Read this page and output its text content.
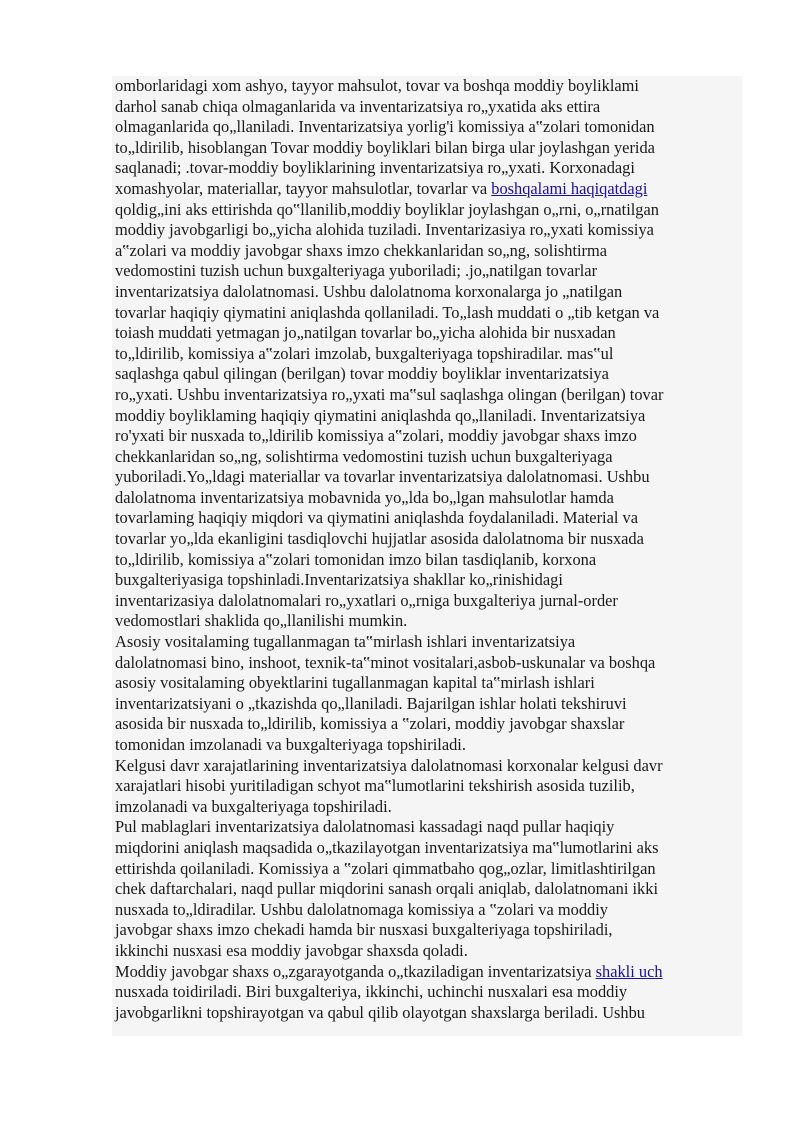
omborlaridagi xom ashyo, tayyor mahsulot, tovar va boshqa moddiy boyliklami
darhol sanab chiqa olmaganlarida va inventarizatsiya ro„yxatida aks ettira
olmaganlarida qo„llaniladi. Inventarizatsiya yorlig'i komissiya a‟zolari tomonidan
to„ldirilib, hisoblangan Tovar moddiy boyliklari bilan birga ular joylashgan yerida
saqlanadi; .tovar-moddiy boyliklarining inventarizatsiya ro„yxati. Korxonadagi
xomashyolar, materiallar, tayyor mahsulotlar, tovarlar va boshqalami haqiqatdagi
qoldig„ini aks ettirishda qo‟llanilib,moddiy boyliklar joylashgan o„rni, o„rnatilgan
moddiy javobgarligi bo„yicha alohida tuziladi. Inventarizasiya ro„yxati komissiya
a‟zolari va moddiy javobgar shaxs imzo chekkanlaridan so„ng, solishtirma
vedomostini tuzish uchun buxgalteriyaga yuboriladi; .jo„natilgan tovarlar
inventarizatsiya dalolatnomasi. Ushbu dalolatnoma korxonalarga jo „natilgan
tovarlar haqiqiy qiymatini aniqlashda qollaniladi. To„lash muddati o „tib ketgan va
toiash muddati yetmagan jo„natilgan tovarlar bo„yicha alohida bir nusxadan
to„ldirilib, komissiya a‟zolari imzolab, buxgalteriyaga topshiradilar. mas‟ul
saqlashga qabul qilingan (berilgan) tovar moddiy boyliklar inventarizatsiya
ro„yxati. Ushbu inventarizatsiya ro„yxati ma‟sul saqlashga olingan (berilgan) tovar
moddiy boyliklaming haqiqiy qiymatini aniqlashda qo„llaniladi. Inventarizatsiya
ro'yxati bir nusxada to„ldirilib komissiya a‟zolari, moddiy javobgar shaxs imzo
chekkanlaridan so„ng, solishtirma vedomostini tuzish uchun buxgalteriyaga
yuboriladi.Yo„ldagi materiallar va tovarlar inventarizatsiya dalolatnomasi. Ushbu
dalolatnoma inventarizatsiya mobavnida yo„lda bo„lgan mahsulotlar hamda
tovarlaming haqiqiy miqdori va qiymatini aniqlashda foydalaniladi. Material va
tovarlar yo„lda ekanligini tasdiqlovchi hujjatlar asosida dalolatnoma bir nusxada
to„ldirilib, komissiya a‟zolari tomonidan imzo bilan tasdiqlanib, korxona
buxgalteriyasiga topshinladi.Inventarizatsiya shakllar ko„rinishidagi
inventarizasiya dalolatnomalari ro„yxatlari o„rniga buxgalteriya jurnal-order
vedomostlari shaklida qo„llanilishi mumkin.

Asosiy vositalaming tugallanmagan ta‟mirlash ishlari inventarizatsiya
dalolatnomasi bino, inshoot, texnik-ta‟minot vositalari,asbob-uskunalar va boshqa
asosiy vositalaming obyektlarini tugallanmagan kapital ta‟mirlash ishlari
inventarizatsiyani o „tkazishda qo„llaniladi. Bajarilgan ishlar holati tekshiruvi
asosida bir nusxada to„ldirilib, komissiya a ‟zolari, moddiy javobgar shaxslar
tomonidan imzolanadi va buxgalteriyaga topshiriladi.

Kelgusi davr xarajatlarining inventarizatsiya dalolatnomasi korxonalar kelgusi davr
xarajatlari hisobi yuritiladigan schyot ma‟lumotlarini tekshirish asosida tuzilib,
imzolanadi va buxgalteriyaga topshiriladi.

Pul mablaglari inventarizatsiya dalolatnomasi kassadagi naqd pullar haqiqiy
miqdorini aniqlash maqsadida o„tkazilayotgan inventarizatsiya ma‟lumotlarini aks
ettirishda qoilaniladi. Komissiya a ‟zolari qimmatbaho qog„ozlar, limitlashtirilgan
chek daftarchalari, naqd pullar miqdorini sanash orqali aniqlab, dalolatnomani ikki
nusxada to„ldiradilar. Ushbu dalolatnomaga komissiya a ‟zolari va moddiy
javobgar shaxs imzo chekadi hamda bir nusxasi buxgalteriyaga topshiriladi,
ikkinchi nusxasi esa moddiy javobgar shaxsda qoladi.

Moddiy javobgar shaxs o„zgarayotganda o„tkaziladigan inventarizatsiya shakli uch
nusxada toidiriladi. Biri buxgalteriya, ikkinchi, uchinchi nusxalari esa moddiy
javobgarlikni topshirayotgan va qabul qilib olayotgan shaxslarga beriladi. Ushbu
